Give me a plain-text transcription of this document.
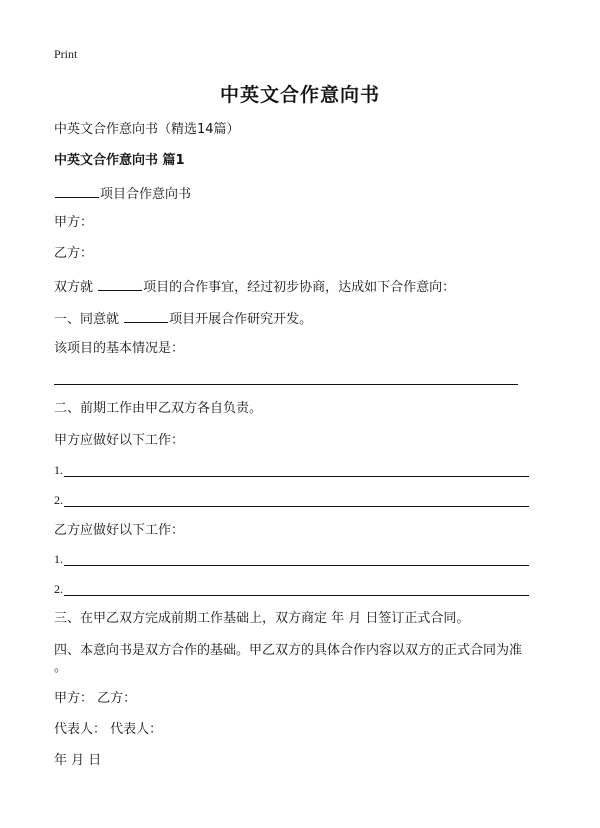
Print
中英文合作意向书
中英文合作意向书（精选14篇）
中英文合作意向书 篇1
项目合作意向书
甲方：
乙方：
双方就	项目的合作事宜，经过初步协商，达成如下合作意向：
一、同意就	项目开展合作研究开发。
该项目的基本情况是：
二、前期工作由甲乙双方各自负责。
甲方应做好以下工作：
1.
2.
乙方应做好以下工作：
1.
2.
三、在甲乙双方完成前期工作基础上，双方商定 年 月 日签订正式合同。
四、本意向书是双方合作的基础。甲乙双方的具体合作内容以双方的正式合同为准
。
甲方： 乙方：
代表人： 代表人：
年 月 日
